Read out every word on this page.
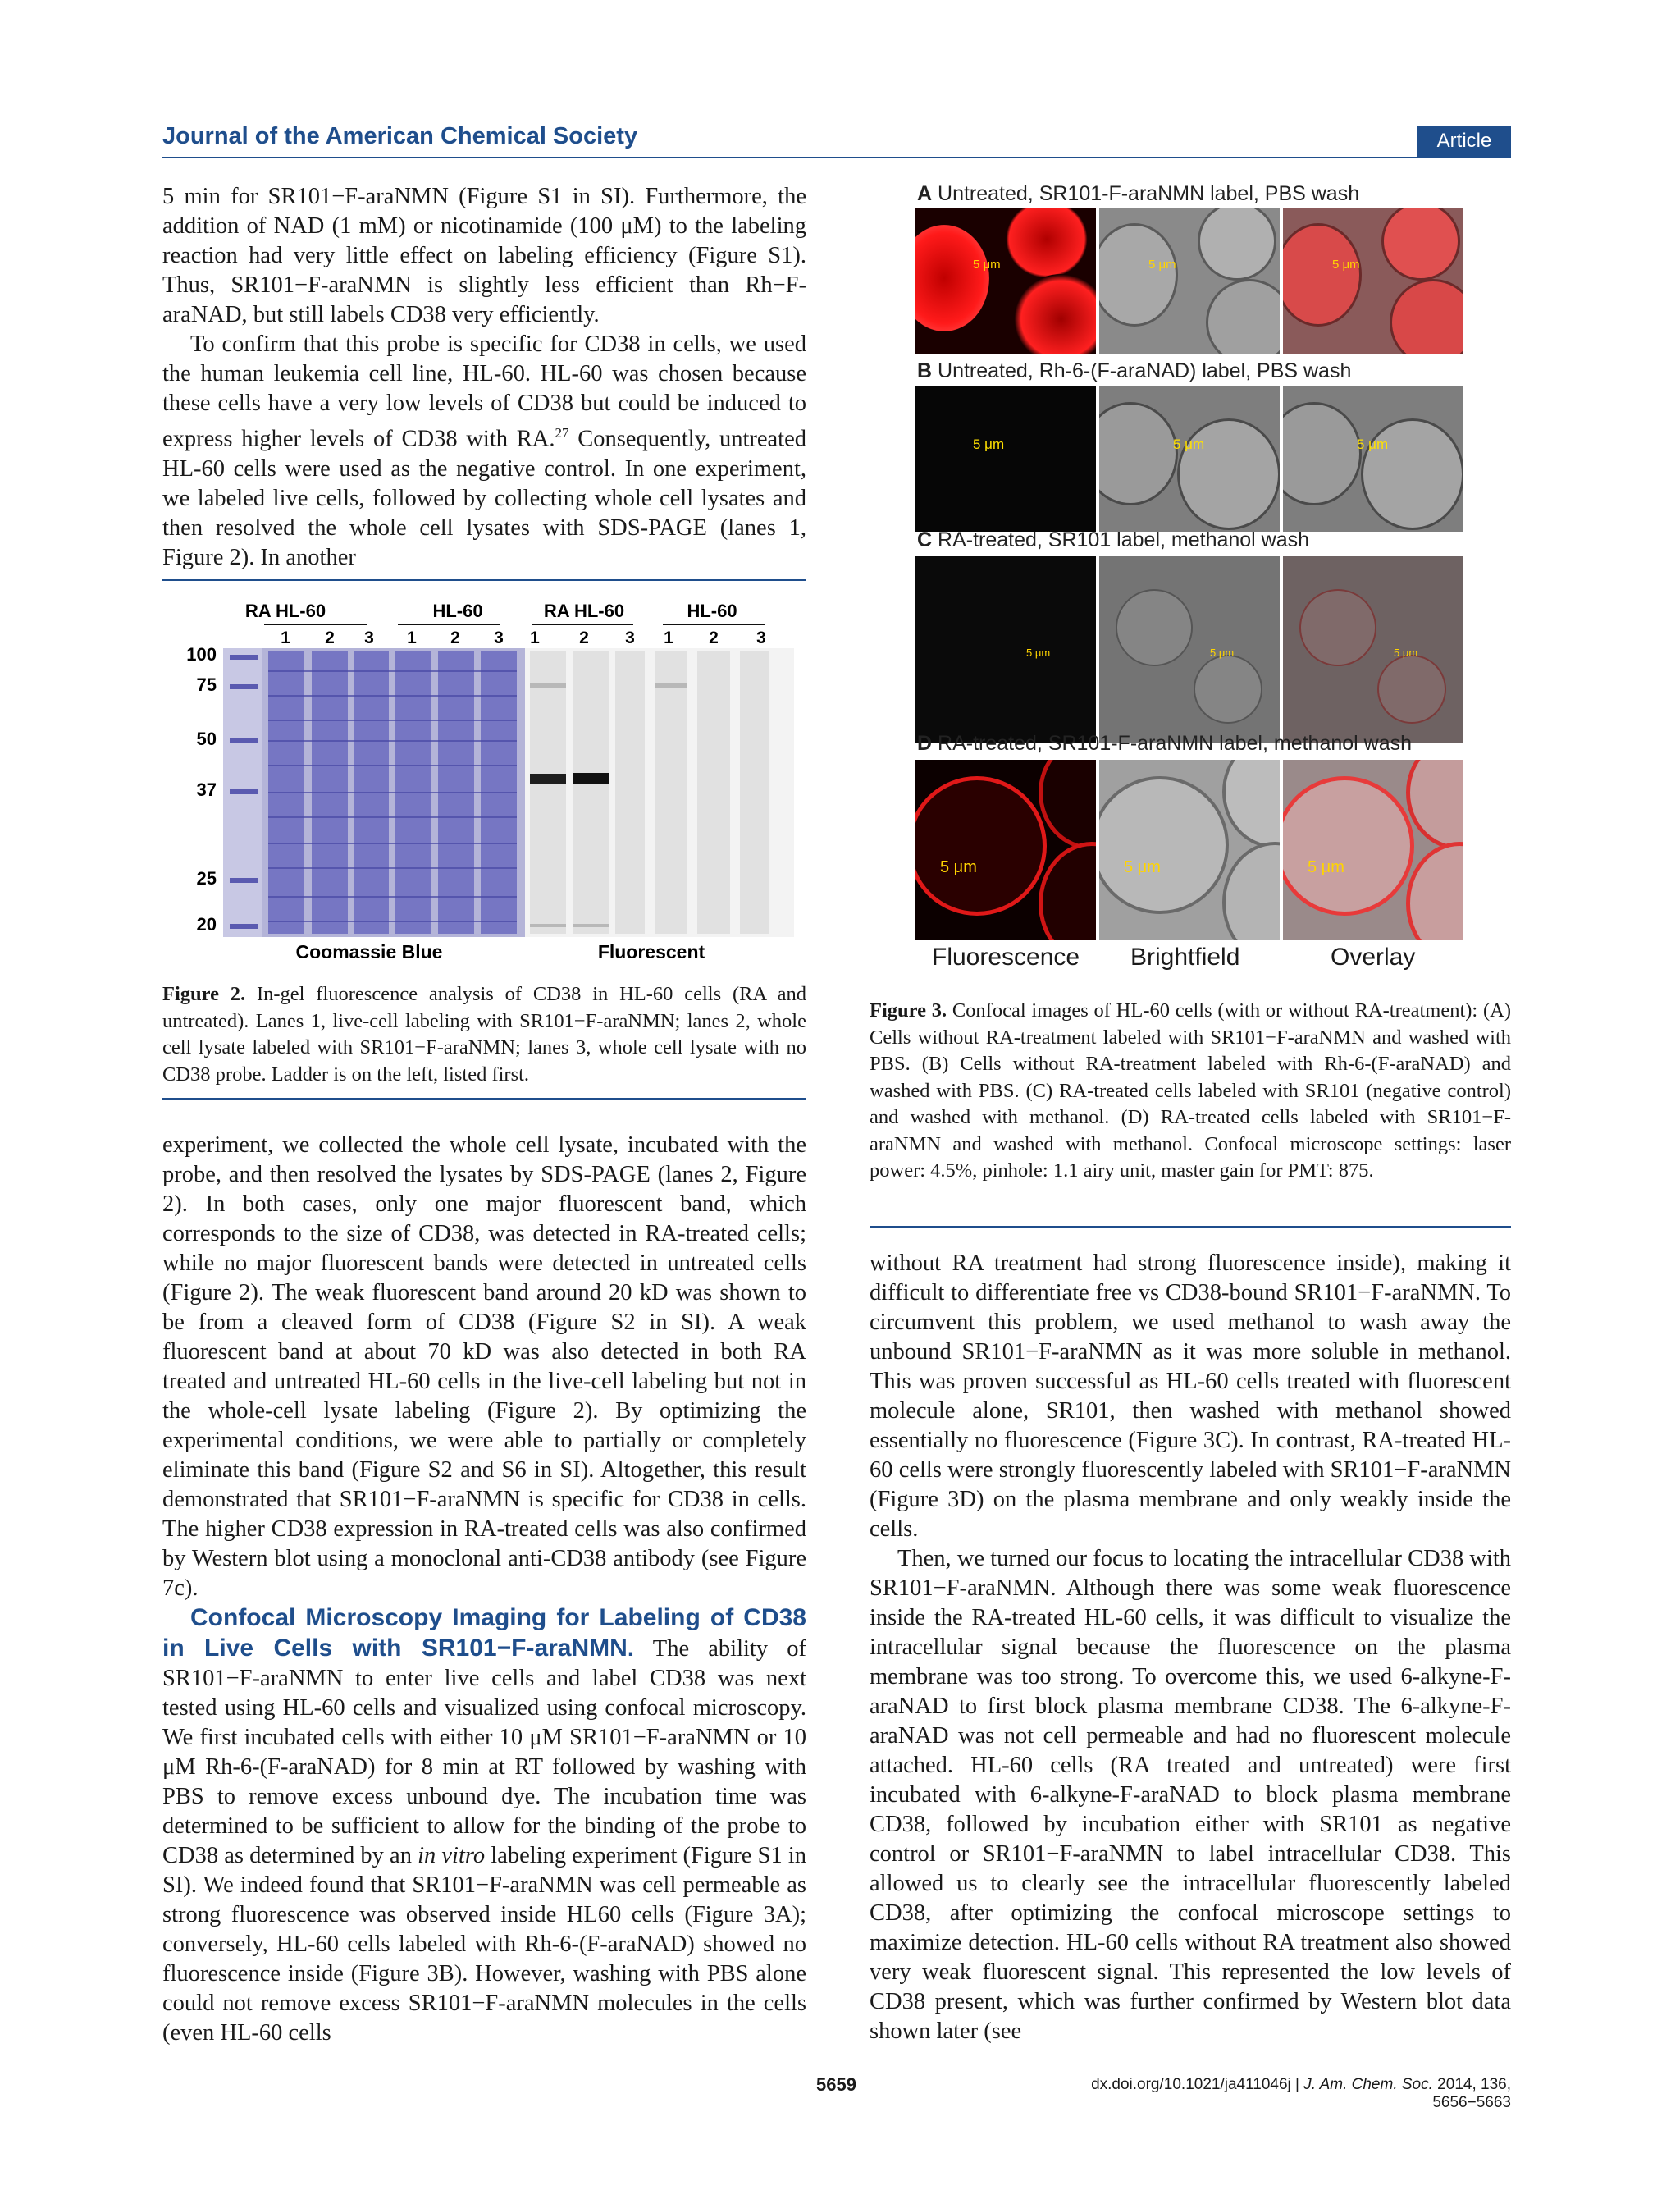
Journal of the American Chemical Society	Article

5 min for SR101−F-araNMN (Figure S1 in SI). Furthermore, the addition of NAD (1 mM) or nicotinamide (100 μM) to the labeling reaction had very little effect on labeling efficiency (Figure S1). Thus, SR101−F-araNMN is slightly less efficient than Rh−F-araNAD, but still labels CD38 very efficiently.

To confirm that this probe is specific for CD38 in cells, we used the human leukemia cell line, HL-60. HL-60 was chosen because these cells have a very low levels of CD38 but could be induced to express higher levels of CD38 with RA.$^{27}$ Consequently, untreated HL-60 cells were used as the negative control. In one experiment, we labeled live cells, followed by collecting whole cell lysates and then resolved the whole cell lysates with SDS-PAGE (lanes 1, Figure 2). In another

RA HL-60	HL-60	RA HL-60	HL-60
1 2 3 1 2 3 1 2 3 1 2 3
100
75
50
37
25
20
Coomassie Blue	Fluorescent
Figure 2. In-gel fluorescence analysis of CD38 in HL-60 cells (RA and untreated). Lanes 1, live-cell labeling with SR101−F-araNMN; lanes 2, whole cell lysate labeled with SR101−F-araNMN; lanes 3, whole cell lysate with no CD38 probe. Ladder is on the left, listed first.

experiment, we collected the whole cell lysate, incubated with the probe, and then resolved the lysates by SDS-PAGE (lanes 2, Figure 2). In both cases, only one major fluorescent band, which corresponds to the size of CD38, was detected in RA-treated cells; while no major fluorescent bands were detected in untreated cells (Figure 2). The weak fluorescent band around 20 kD was shown to be from a cleaved form of CD38 (Figure S2 in SI). A weak fluorescent band at about 70 kD was also detected in both RA treated and untreated HL-60 cells in the live-cell labeling but not in the whole-cell lysate labeling (Figure 2). By optimizing the experimental conditions, we were able to partially or completely eliminate this band (Figure S2 and S6 in SI). Altogether, this result demonstrated that SR101−F-araNMN is specific for CD38 in cells. The higher CD38 expression in RA-treated cells was also confirmed by Western blot using a monoclonal anti-CD38 antibody (see Figure 7c).

Confocal Microscopy Imaging for Labeling of CD38 in Live Cells with SR101−F-araNMN. The ability of SR101−F-araNMN to enter live cells and label CD38 was next tested using HL-60 cells and visualized using confocal microscopy. We first incubated cells with either 10 μM SR101−F-araNMN or 10 μM Rh-6-(F-araNAD) for 8 min at RT followed by washing with PBS to remove excess unbound dye. The incubation time was determined to be sufficient to allow for the binding of the probe to CD38 as determined by an in vitro labeling experiment (Figure S1 in SI). We indeed found that SR101−F-araNMN was cell permeable as strong fluorescence was observed inside HL60 cells (Figure 3A); conversely, HL-60 cells labeled with Rh-6-(F-araNAD) showed no fluorescence inside (Figure 3B). However, washing with PBS alone could not remove excess SR101−F-araNMN molecules in the cells (even HL-60 cells

A Untreated, SR101-F-araNMN label, PBS wash
5 μm	5 μm	5 μm
B Untreated, Rh-6-(F-araNAD) label, PBS wash
5 μm	5 μm	5 μm
C RA-treated, SR101 label, methanol wash
5 μm	5 μm	5 μm
D RA-treated, SR101-F-araNMN label, methanol wash
5 μm	5 μm	5 μm
Fluorescence Brightfield	Overlay
Figure 3. Confocal images of HL-60 cells (with or without RA-treatment): (A) Cells without RA-treatment labeled with SR101−F-araNMN and washed with PBS. (B) Cells without RA-treatment labeled with Rh-6-(F-araNAD) and washed with PBS. (C) RA-treated cells labeled with SR101 (negative control) and washed with methanol. (D) RA-treated cells labeled with SR101−F-araNMN and washed with methanol. Confocal microscope settings: laser power: 4.5%, pinhole: 1.1 airy unit, master gain for PMT: 875.

without RA treatment had strong fluorescence inside), making it difficult to differentiate free vs CD38-bound SR101−F-araNMN. To circumvent this problem, we used methanol to wash away the unbound SR101−F-araNMN as it was more soluble in methanol. This was proven successful as HL-60 cells treated with fluorescent molecule alone, SR101, then washed with methanol showed essentially no fluorescence (Figure 3C). In contrast, RA-treated HL-60 cells were strongly fluorescently labeled with SR101−F-araNMN (Figure 3D) on the plasma membrane and only weakly inside the cells.

Then, we turned our focus to locating the intracellular CD38 with SR101−F-araNMN. Although there was some weak fluorescence inside the RA-treated HL-60 cells, it was difficult to visualize the intracellular signal because the fluorescence on the plasma membrane was too strong. To overcome this, we used 6-alkyne-F-araNAD to first block plasma membrane CD38. The 6-alkyne-F-araNAD was not cell permeable and had no fluorescent molecule attached. HL-60 cells (RA treated and untreated) were first incubated with 6-alkyne-F-araNAD to block plasma membrane CD38, followed by incubation either with SR101 as negative control or SR101−F-araNMN to label intracellular CD38. This allowed us to clearly see the intracellular fluorescently labeled CD38, after optimizing the confocal microscope settings to maximize detection. HL-60 cells without RA treatment also showed very weak fluorescent signal. This represented the low levels of CD38 present, which was further confirmed by Western blot data shown later (see

5659	dx.doi.org/10.1021/ja411046j | J. Am. Chem. Soc. 2014, 136, 5656−5663
